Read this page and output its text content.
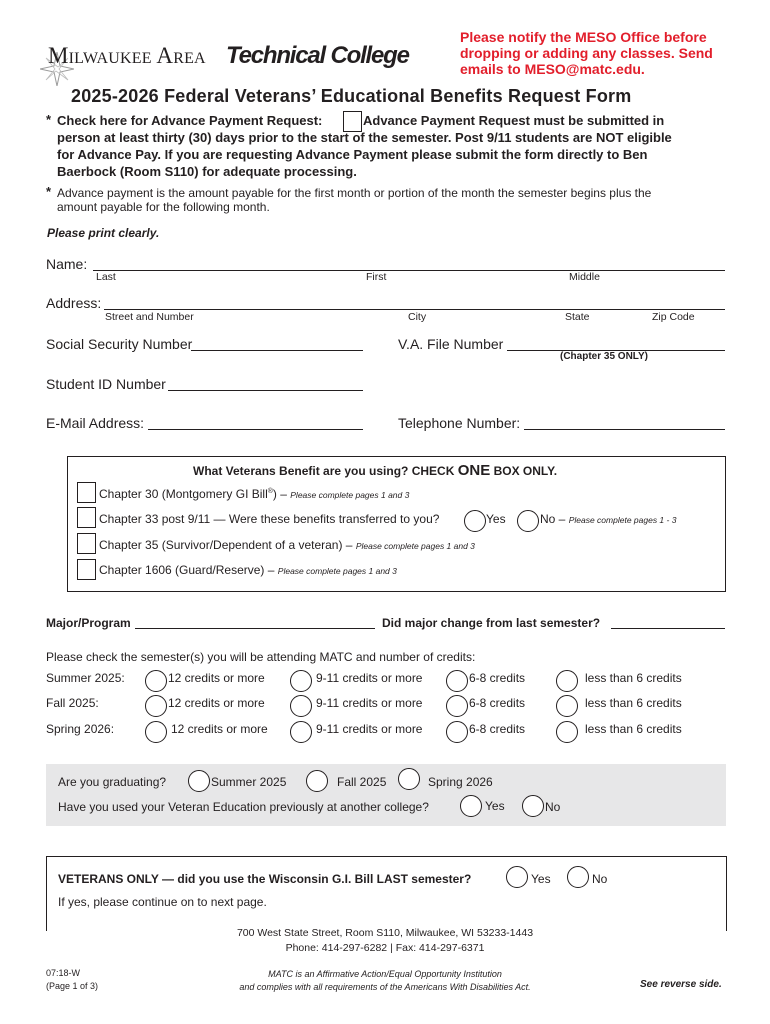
Milwaukee Area Technical College
Please notify the MESO Office before
dropping or adding any classes. Send
emails to MESO@matc.edu.
2025-2026 Federal Veterans’ Educational Benefits Request Form
* Check here for Advance Payment Request:	Advance Payment Request must be submitted in
person at least thirty (30) days prior to the start of the semester. Post 9/11 students are NOT eligible
for Advance Pay. If you are requesting Advance Payment please submit the form directly to Ben
Baerbock (Room S110) for adequate processing.
* Advance payment is the amount payable for the first month or portion of the month the semester begins plus the
amount payable for the following month.
Please print clearly.
Name:
Last	First	Middle
Address:
Street and Number	City	State	Zip Code
Social Security Number	V.A. File Number
(Chapter 35 ONLY)
Student ID Number
E-Mail Address:	Telephone Number:
What Veterans Benefit are you using? CHECK ONE BOX ONLY.
Chapter 30 (Montgomery GI Bill®) – Please complete pages 1 and 3
Chapter 33 post 9/11 — Were these benefits transferred to you?	Yes	No – Please complete pages 1 - 3
Chapter 35 (Survivor/Dependent of a veteran) – Please complete pages 1 and 3
Chapter 1606 (Guard/Reserve) – Please complete pages 1 and 3
Major/Program	Did major change from last semester?
Please check the semester(s) you will be attending MATC and number of credits:
Summer 2025:	12 credits or more	9-11 credits or more	6-8 credits	less than 6 credits
Fall 2025:	12 credits or more	9-11 credits or more	6-8 credits	less than 6 credits
Spring 2026:	12 credits or more	9-11 credits or more	6-8 credits	less than 6 credits
Are you graduating?	Summer 2025	Fall 2025	Spring 2026
Have you used your Veteran Education previously at another college?	Yes	No
VETERANS ONLY — did you use the Wisconsin G.I. Bill LAST semester?	Yes	No
If yes, please continue on to next page.
700 West State Street, Room S110, Milwaukee, WI 53233-1443
Phone: 414-297-6282 | Fax: 414-297-6371
07:18-W
(Page 1 of 3)
MATC is an Affirmative Action/Equal Opportunity Institution
and complies with all requirements of the Americans With Disabilities Act.	See reverse side.
